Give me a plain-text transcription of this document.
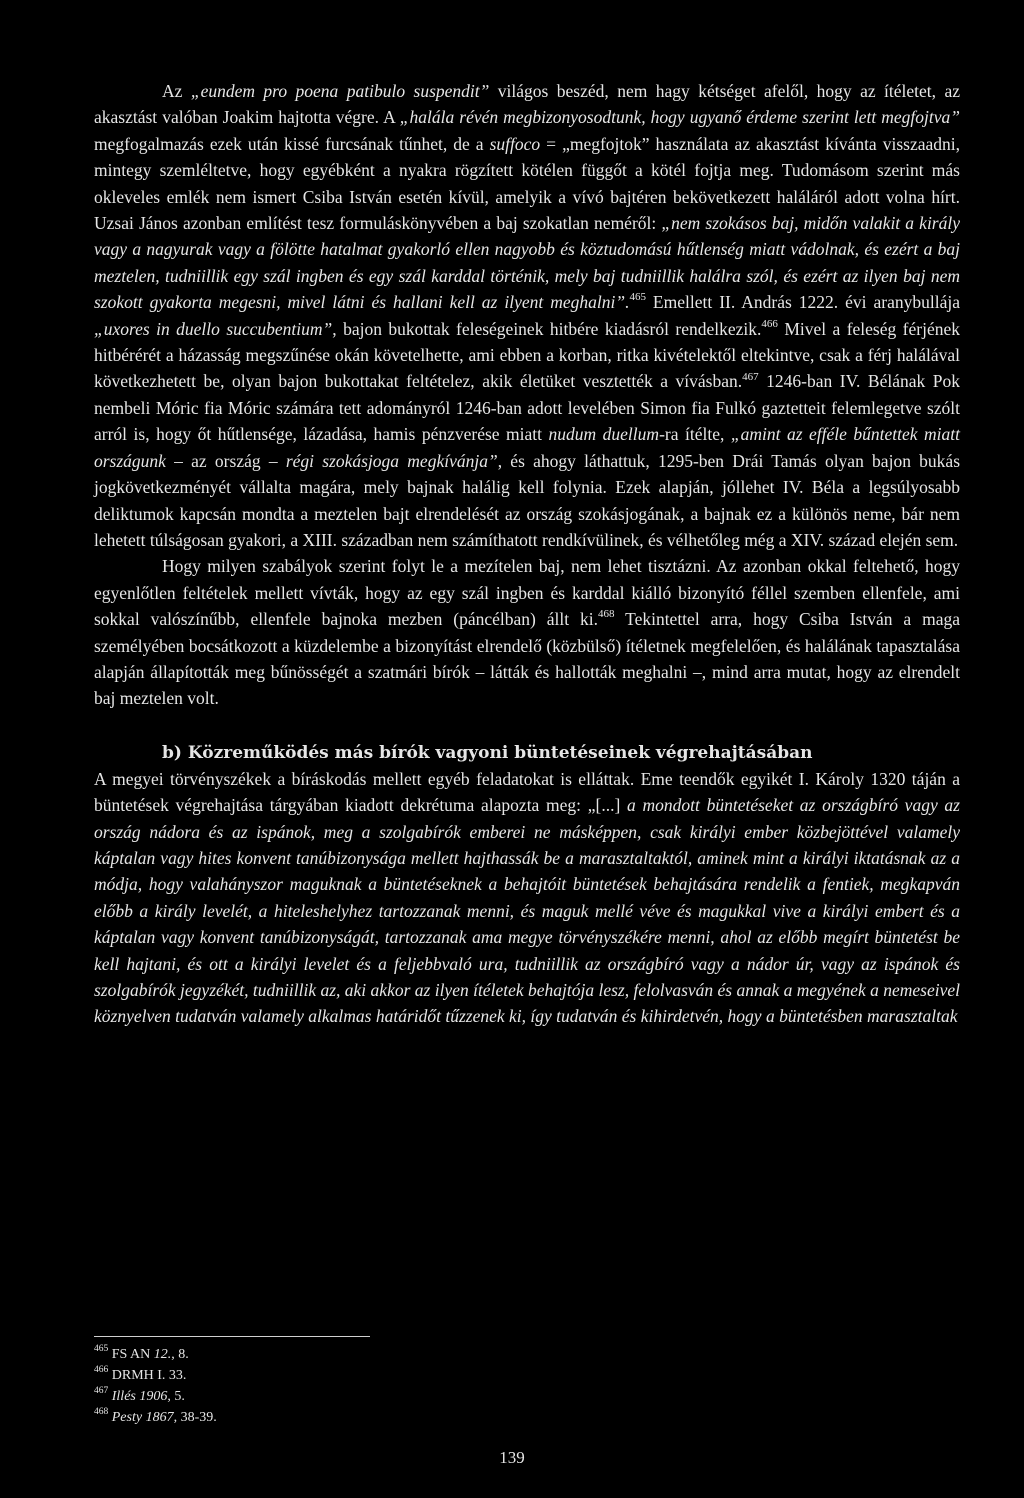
Az „eundem pro poena patibulo suspendit” világos beszéd, nem hagy kétséget afelől, hogy az ítéletet, az akasztást valóban Joakim hajtotta végre. A „halála révén megbizonyosodtunk, hogy ugyanő érdeme szerint lett megfojtva” megfogalmazás ezek után kissé furcsának tűnhet, de a suffoco = „megfojtok” használata az akasztást kívánta visszaadni, mintegy szemléltetve, hogy egyébként a nyakra rögzített kötélen függőt a kötél fojtja meg. Tudomásom szerint más okleveles emlék nem ismert Csiba István esetén kívül, amelyik a vívó bajtéren bekövetkezett haláláról adott volna hírt. Uzsai János azonban említést tesz formuláskönyvében a baj szokatlan neméről: „nem szokásos baj, midőn valakit a király vagy a nagyurak vagy a fölötte hatalmat gyakorló ellen nagyobb és köztudomású hűtlenség miatt vádolnak, és ezért a baj meztelen, tudniillik egy szál ingben és egy szál karddal történik, mely baj tudniillik halálra szól, és ezért az ilyen baj nem szokott gyakorta megesni, mivel látni és hallani kell az ilyent meghalni”.$^{465}$ Emellett II. András 1222. évi aranybullája „uxores in duello succubentium”, bajon bukottak feleségeinek hitbére kiadásról rendelkezik.$^{466}$ Mivel a feleség férjének hitbérérét a házasság megszűnése okán követelhette, ami ebben a korban, ritka kivételektől eltekintve, csak a férj halálával következhetett be, olyan bajon bukottakat feltételez, akik életüket vesztették a vívásban.$^{467}$ 1246-ban IV. Bélának Pok nembeli Móric fia Móric számára tett adományról 1246-ban adott levelében Simon fia Fulkó gaztetteit felemlegetve szólt arról is, hogy őt hűtlensége, lázadása, hamis pénzverése miatt nudum duellum-ra ítélte, „amint az efféle bűntettek miatt országunk – az ország – régi szokásjoga megkívánja”, és ahogy láthattuk, 1295-ben Drái Tamás olyan bajon bukás jogkövetkezményét vállalta magára, mely bajnak halálig kell folynia. Ezek alapján, jóllehet IV. Béla a legsúlyosabb deliktumok kapcsán mondta a meztelen bajt elrendelését az ország szokásjogának, a bajnak ez a különös neme, bár nem lehetett túlságosan gyakori, a XIII. században nem számíthatott rendkívülinek, és vélhetőleg még a XIV. század elején sem.

Hogy milyen szabályok szerint folyt le a mezítelen baj, nem lehet tisztázni. Az azonban okkal feltehető, hogy egyenlőtlen feltételek mellett vívták, hogy az egy szál ingben és karddal kiálló bizonyító féllel szemben ellenfele, ami sokkal valószínűbb, ellenfele bajnoka mezben (páncélban) állt ki.$^{468}$ Tekintettel arra, hogy Csiba István a maga személyében bocsátkozott a küzdelembe a bizonyítást elrendelő (közbülső) ítéletnek megfelelően, és halálának tapasztalása alapján állapították meg bűnösségét a szatmári bírók – látták és hallották meghalni –, mind arra mutat, hogy az elrendelt baj meztelen volt.

b) Közreműködés más bírók vagyoni büntetéseinek végrehajtásában

A megyei törvényszékek a bíráskodás mellett egyéb feladatokat is elláttak. Eme teendők egyikét I. Károly 1320 táján a büntetések végrehajtása tárgyában kiadott dekrétuma alapozta meg: „[...] a mondott büntetéseket az országbíró vagy az ország nádora és az ispánok, meg a szolgabírók emberei ne másképpen, csak királyi ember közbejöttével valamely káptalan vagy hites konvent tanúbizonysága mellett hajthassák be a marasztaltaktól, aminek mint a királyi iktatásnak az a módja, hogy valahányszor maguknak a büntetéseknek a behajtóit büntetések behajtására rendelik a fentiek, megkapván előbb a király levelét, a hiteleshelyhez tartozzanak menni, és maguk mellé véve és magukkal vive a királyi embert és a káptalan vagy konvent tanúbizonyságát, tartozzanak ama megye törvényszékére menni, ahol az előbb megírt büntetést be kell hajtani, és ott a királyi levelet és a feljebbvaló ura, tudniillik az országbíró vagy a nádor úr, vagy az ispánok és szolgabírók jegyzékét, tudniillik az, aki akkor az ilyen ítéletek behajtója lesz, felolvasván és annak a megyének a nemeseivel köznyelven tudatván valamely alkalmas határidőt tűzzenek ki, így tudatván és kihirdetvén, hogy a büntetésben marasztaltak

$^{465}$ FS AN 12., 8.

$^{466}$ DRMH I. 33.

$^{467}$ Illés 1906, 5.

$^{468}$ Pesty 1867, 38-39.

139
